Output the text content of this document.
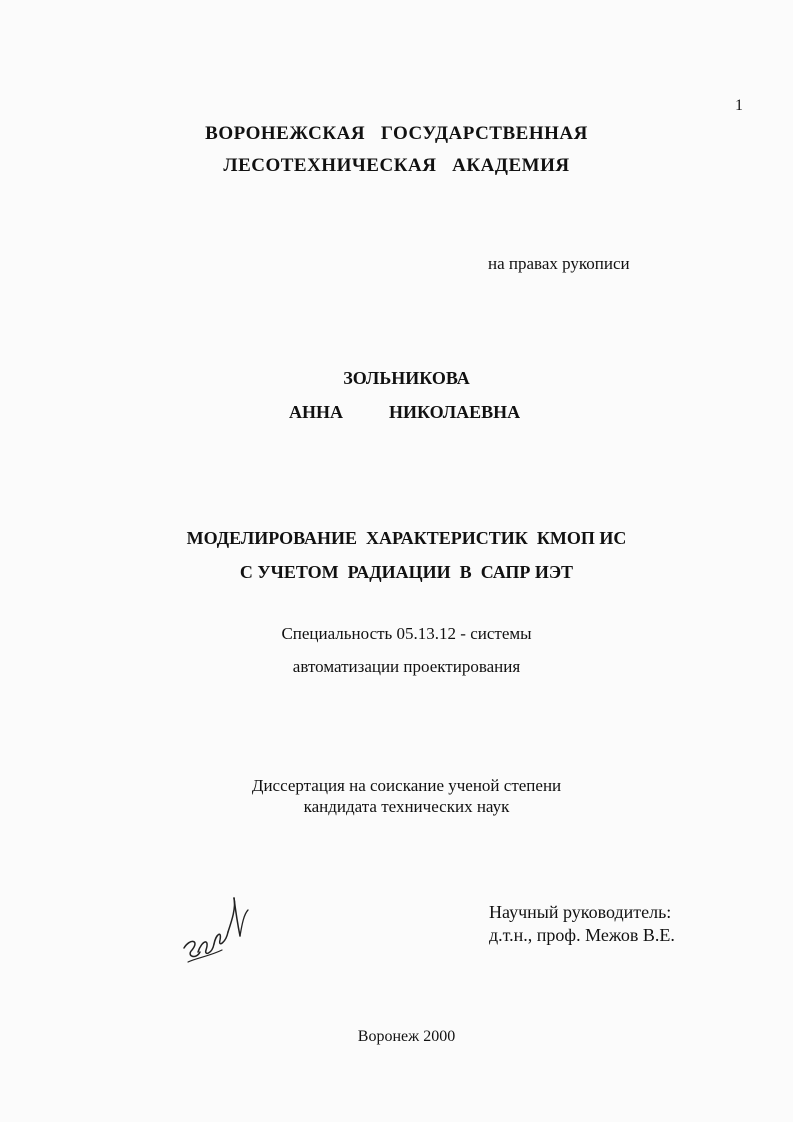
1
ВОРОНЕЖСКАЯ   ГОСУДАРСТВЕННАЯ
ЛЕСОТЕХНИЧЕСКАЯ   АКАДЕМИЯ
на правах рукописи
ЗОЛЬНИКОВА
АННА	НИКОЛАЕВНА
МОДЕЛИРОВАНИЕ  ХАРАКТЕРИСТИК  КМОП ИС
С УЧЕТОМ  РАДИАЦИИ  В  САПР ИЭТ
Специальность 05.13.12 - системы
автоматизации проектирования
Диссертация на соискание ученой степени
кандидата технических наук
Научный руководитель:
д.т.н., проф. Межов В.Е.
Воронеж 2000
